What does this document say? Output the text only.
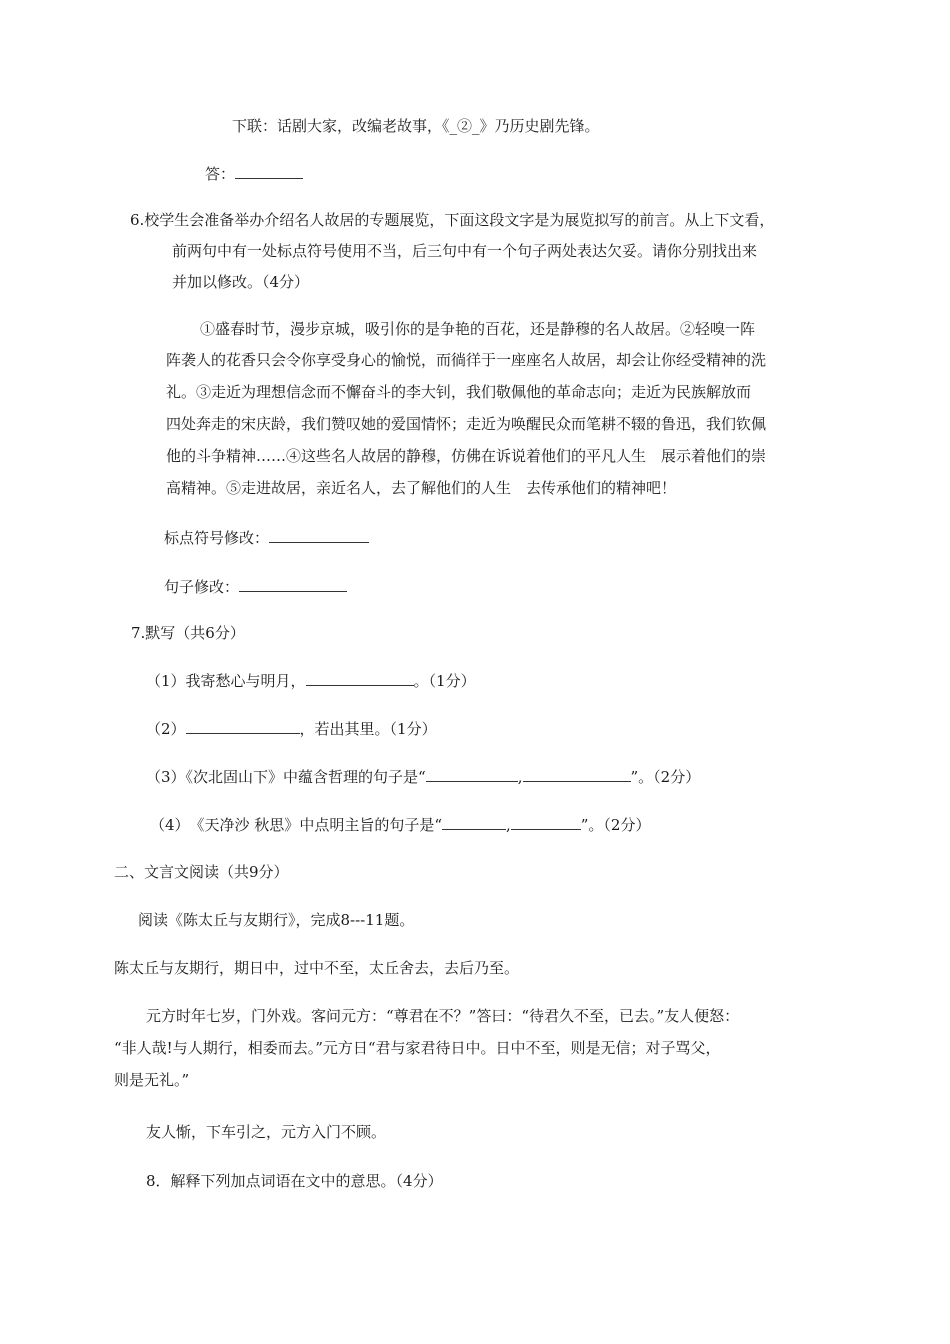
下联：话剧大家，改编老故事，《_②_》乃历史剧先锋。
答：
6.校学生会准备举办介绍名人故居的专题展览，下面这段文字是为展览拟写的前言。从上下文看，
前两句中有一处标点符号使用不当，后三句中有一个句子两处表达欠妥。请你分别找出来
并加以修改。（4分）
①盛春时节，漫步京城，吸引你的是争艳的百花，还是静穆的名人故居。②轻嗅一阵
阵袭人的花香只会令你享受身心的愉悦，而徜徉于一座座名人故居，却会让你经受精神的洗
礼。③走近为理想信念而不懈奋斗的李大钊，我们敬佩他的革命志向；走近为民族解放而
四处奔走的宋庆龄，我们赞叹她的爱国情怀；走近为唤醒民众而笔耕不辍的鲁迅，我们钦佩
他的斗争精神……④这些名人故居的静穆，仿佛在诉说着他们的平凡人生　展示着他们的崇
高精神。⑤走进故居，亲近名人，去了解他们的人生　去传承他们的精神吧！
标点符号修改：
句子修改：
7.默写（共6分）
（1）我寄愁心与明月，	。（1分）
（2）	，若出其里。（1分）
（3）《次北固山下》中蕴含哲理的句子是“	,	”。（2分）
（4）　《天净沙 秋思》中点明主旨的句子是“	,	”。（2分）
二、文言文阅读（共9分）
阅读《陈太丘与友期行》，完成8---11题。
陈太丘与友期行，期日中，过中不至，太丘舍去，去后乃至。
元方时年七岁，门外戏。客问元方：“尊君在不？”答曰：“待君久不至，已去。”友人便怒：
“非人哉!与人期行，相委而去。”元方日“君与家君待日中。日中不至，则是无信；对子骂父，
则是无礼。”
友人惭，下车引之，元方入门不顾。
8．解释下列加点词语在文中的意思。（4分）
